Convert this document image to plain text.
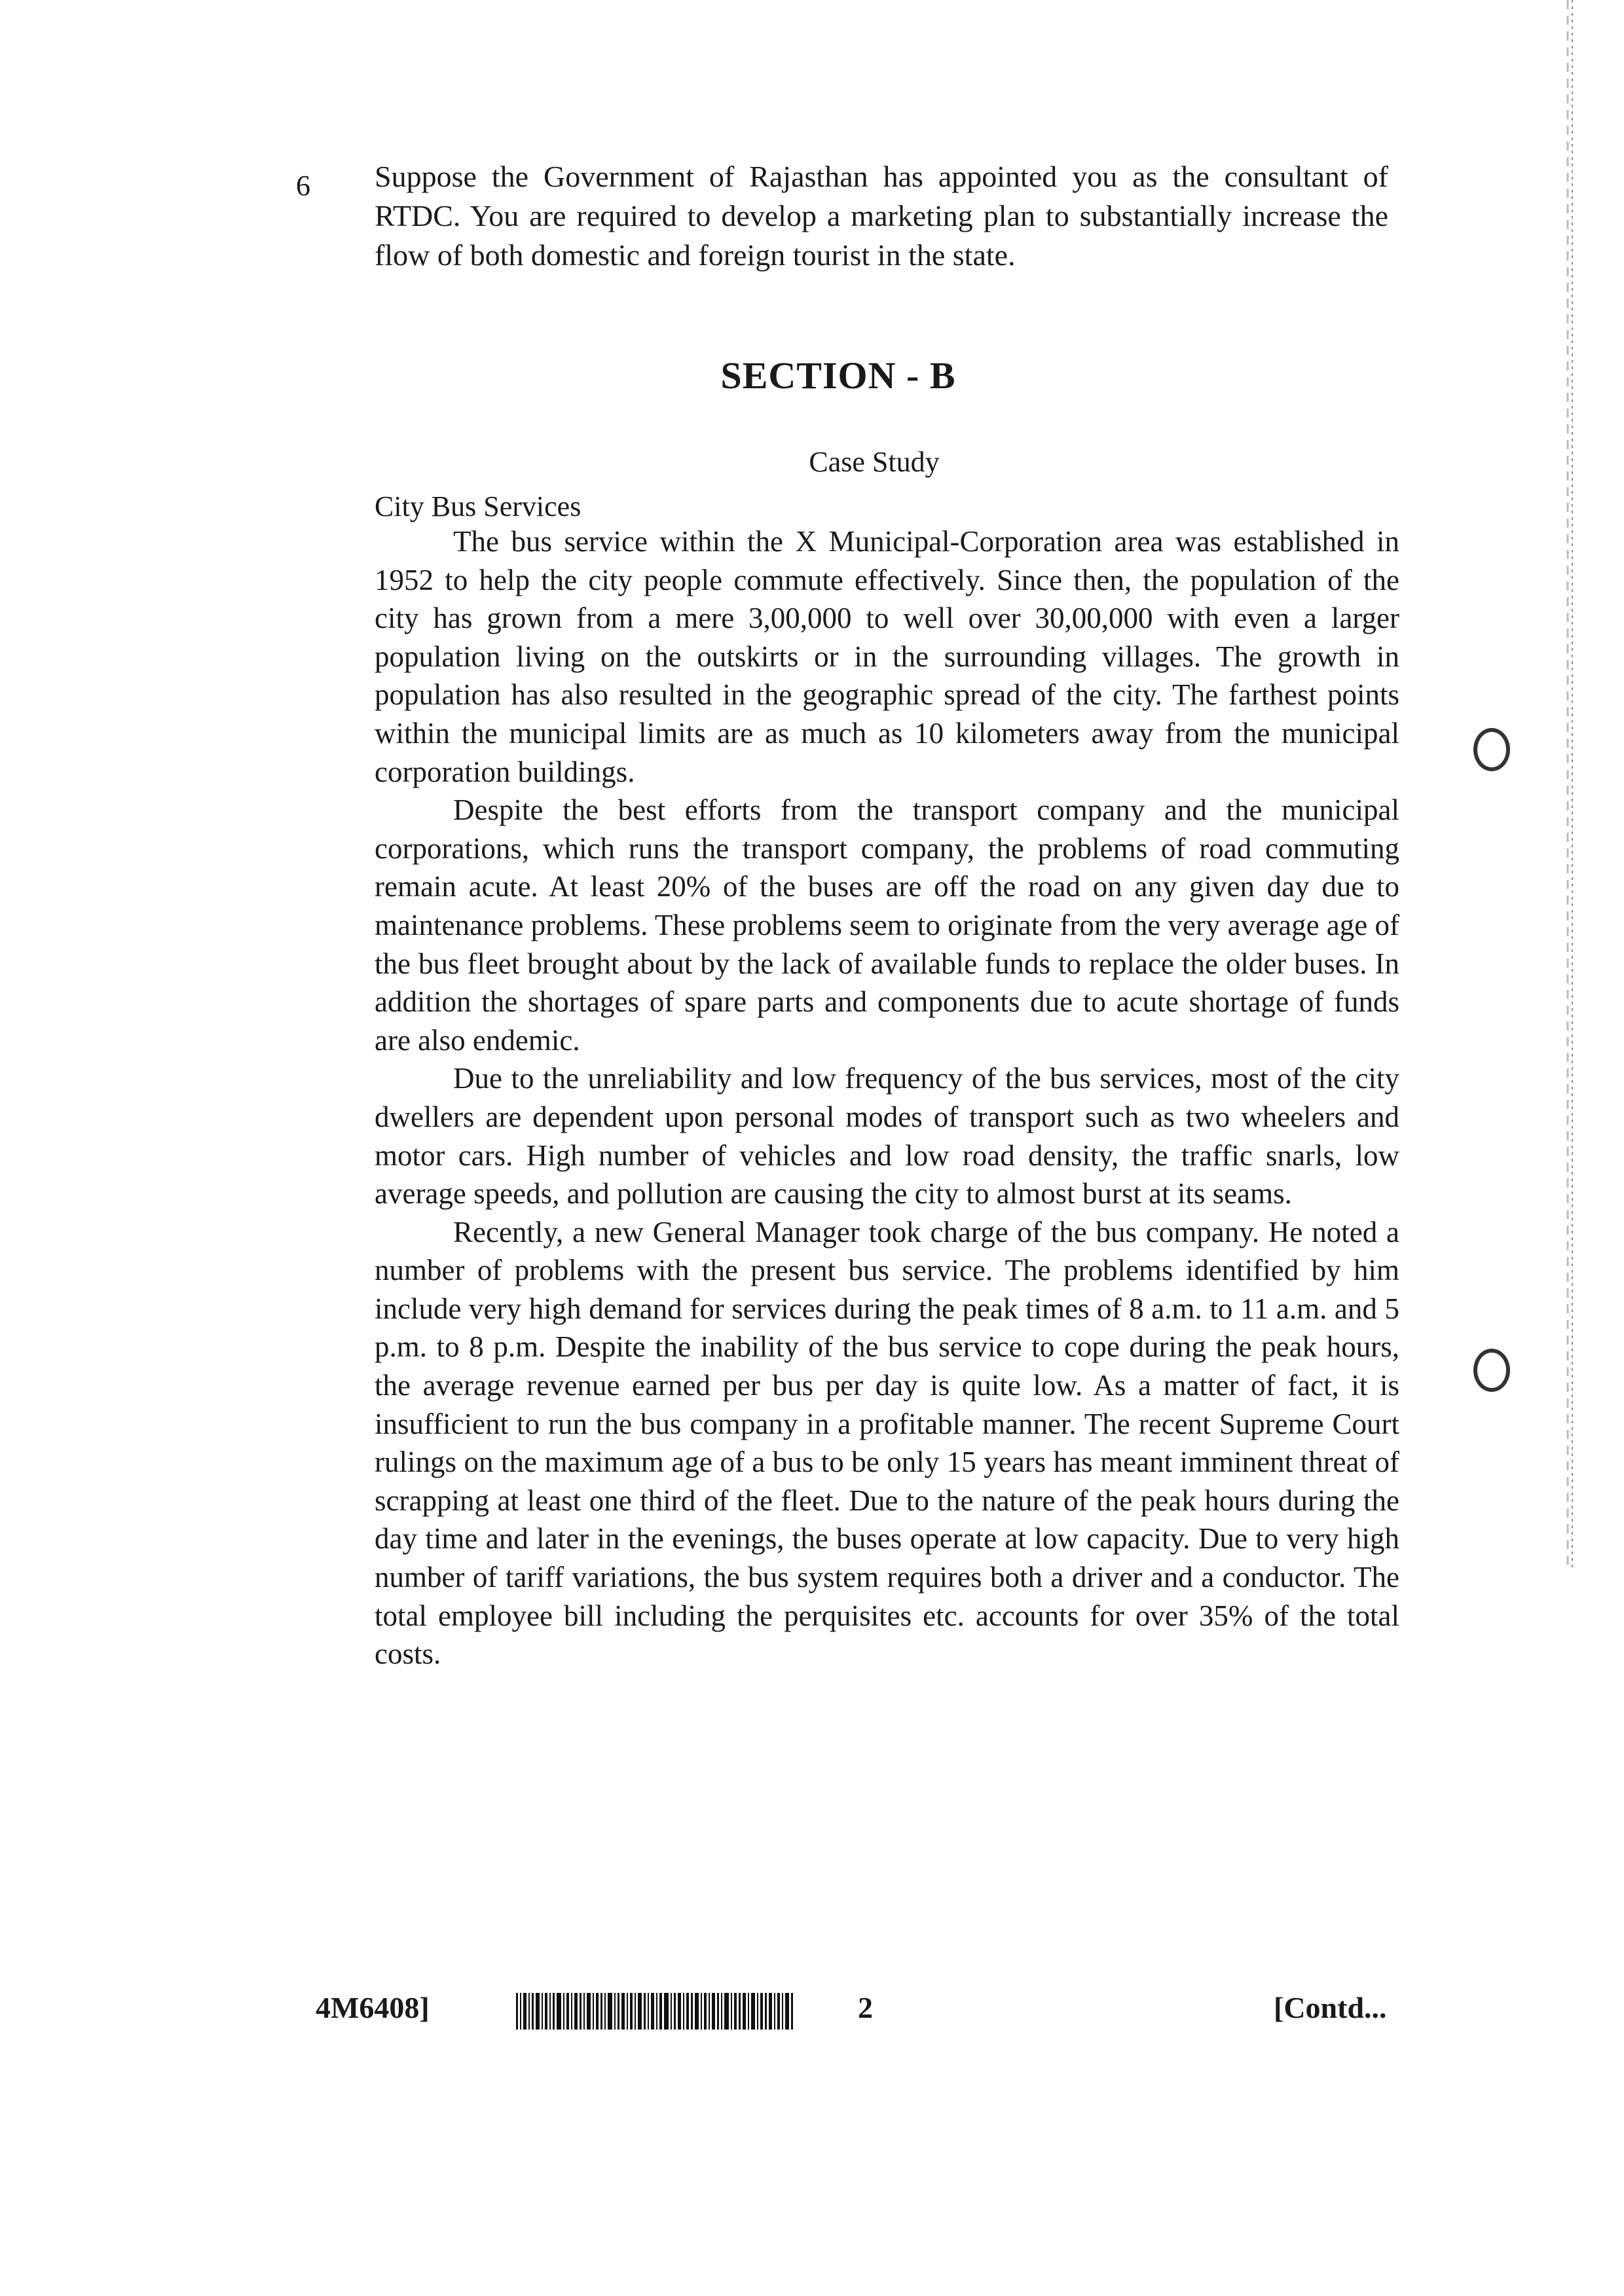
6 Suppose the Government of Rajasthan has appointed you as the consultant of RTDC. You are required to develop a marketing plan to substantially increase the flow of both domestic and foreign tourist in the state.
SECTION - B
Case Study
City Bus Services

The bus service within the X Municipal-Corporation area was established in 1952 to help the city people commute effectively. Since then, the population of the city has grown from a mere 3,00,000 to well over 30,00,000 with even a larger population living on the outskirts or in the surrounding villages. The growth in population has also resulted in the geographic spread of the city. The farthest points within the municipal limits are as much as 10 kilometers away from the municipal corporation buildings.

Despite the best efforts from the transport company and the municipal corporations, which runs the transport company, the problems of road commuting remain acute. At least 20% of the buses are off the road on any given day due to maintenance problems. These problems seem to originate from the very average age of the bus fleet brought about by the lack of available funds to replace the older buses. In addition the shortages of spare parts and components due to acute shortage of funds are also endemic.

Due to the unreliability and low frequency of the bus services, most of the city dwellers are dependent upon personal modes of transport such as two wheelers and motor cars. High number of vehicles and low road density, the traffic snarls, low average speeds, and pollution are causing the city to almost burst at its seams.

Recently, a new General Manager took charge of the bus company. He noted a number of problems with the present bus service. The problems identified by him include very high demand for services during the peak times of 8 a.m. to 11 a.m. and 5 p.m. to 8 p.m. Despite the inability of the bus service to cope during the peak hours, the average revenue earned per bus per day is quite low. As a matter of fact, it is insufficient to run the bus company in a profitable manner. The recent Supreme Court rulings on the maximum age of a bus to be only 15 years has meant imminent threat of scrapping at least one third of the fleet. Due to the nature of the peak hours during the day time and later in the evenings, the buses operate at low capacity. Due to very high number of tariff variations, the bus system requires both a driver and a conductor. The total employee bill including the perquisites etc. accounts for over 35% of the total costs.

4M6408]	2	[Contd...
